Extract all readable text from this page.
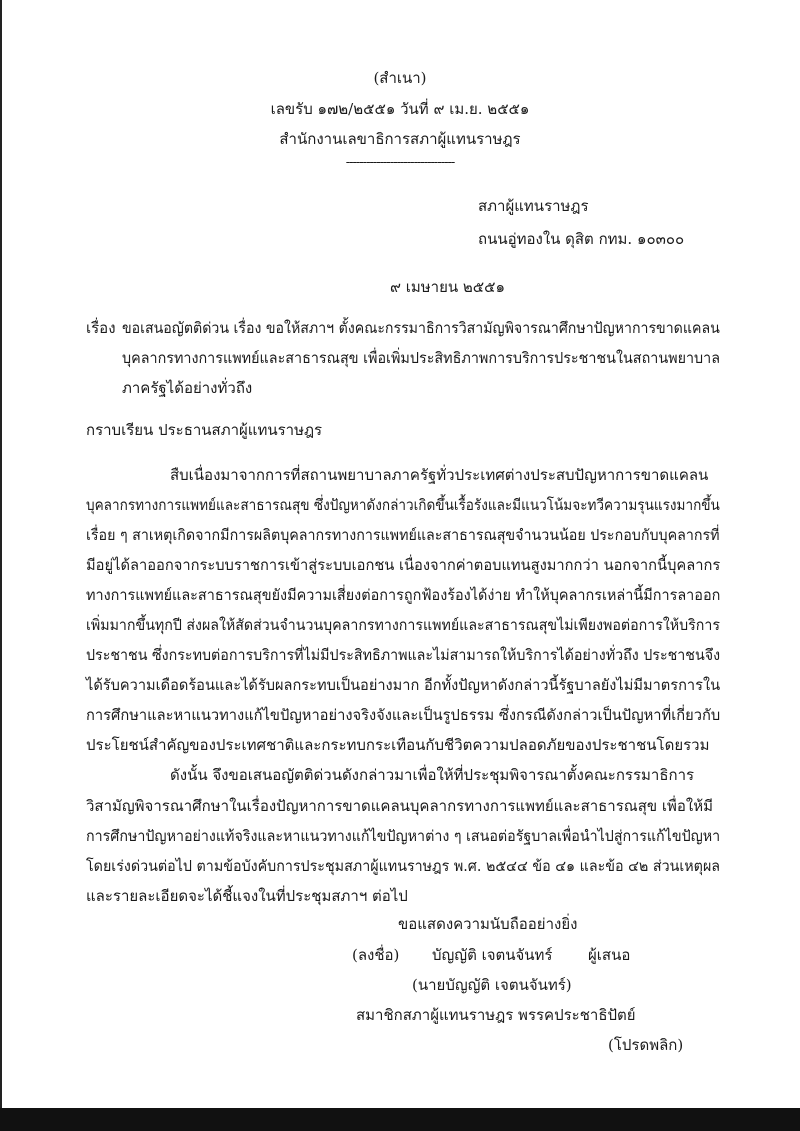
(สำเนา)
เลขรับ ๑๗๒/๒๕๕๑ วันที่ ๙ เม.ย. ๒๕๕๑
สำนักงานเลขาธิการสภาผู้แทนราษฎร
--------------------------------
สภาผู้แทนราษฎร
ถนนอู่ทองใน ดุสิต กทม. ๑๐๓๐๐
๙ เมษายน ๒๕๕๑
เรื่อง ขอเสนอญัตติด่วน เรื่อง ขอให้สภาฯ ตั้งคณะกรรมาธิการวิสามัญพิจารณาศึกษาปัญหาการขาดแคลน
บุคลากรทางการแพทย์และสาธารณสุข เพื่อเพิ่มประสิทธิภาพการบริการประชาชนในสถานพยาบาล
ภาครัฐได้อย่างทั่วถึง
กราบเรียน ประธานสภาผู้แทนราษฎร
สืบเนื่องมาจากการที่สถานพยาบาลภาครัฐทั่วประเทศต่างประสบปัญหาการขาดแคลน
บุคลากรทางการแพทย์และสาธารณสุข ซึ่งปัญหาดังกล่าวเกิดขึ้นเรื้อรังและมีแนวโน้มจะทวีความรุนแรงมากขึ้น
เรื่อย ๆ สาเหตุเกิดจากมีการผลิตบุคลากรทางการแพทย์และสาธารณสุขจำนวนน้อย ประกอบกับบุคลากรที่
มีอยู่ได้ลาออกจากระบบราชการเข้าสู่ระบบเอกชน เนื่องจากค่าตอบแทนสูงมากกว่า นอกจากนี้บุคลากร
ทางการแพทย์และสาธารณสุขยังมีความเสี่ยงต่อการถูกฟ้องร้องได้ง่าย ทำให้บุคลากรเหล่านี้มีการลาออก
เพิ่มมากขึ้นทุกปี ส่งผลให้สัดส่วนจำนวนบุคลากรทางการแพทย์และสาธารณสุขไม่เพียงพอต่อการให้บริการ
ประชาชน ซึ่งกระทบต่อการบริการที่ไม่มีประสิทธิภาพและไม่สามารถให้บริการได้อย่างทั่วถึง ประชาชนจึง
ได้รับความเดือดร้อนและได้รับผลกระทบเป็นอย่างมาก อีกทั้งปัญหาดังกล่าวนี้รัฐบาลยังไม่มีมาตรการใน
การศึกษาและหาแนวทางแก้ไขปัญหาอย่างจริงจังและเป็นรูปธรรม ซึ่งกรณีดังกล่าวเป็นปัญหาที่เกี่ยวกับ
ประโยชน์สำคัญของประเทศชาติและกระทบกระเทือนกับชีวิตความปลอดภัยของประชาชนโดยรวม
ดังนั้น จึงขอเสนอญัตติด่วนดังกล่าวมาเพื่อให้ที่ประชุมพิจารณาตั้งคณะกรรมาธิการ
วิสามัญพิจารณาศึกษาในเรื่องปัญหาการขาดแคลนบุคลากรทางการแพทย์และสาธารณสุข เพื่อให้มี
การศึกษาปัญหาอย่างแท้จริงและหาแนวทางแก้ไขปัญหาต่าง ๆ เสนอต่อรัฐบาลเพื่อนำไปสู่การแก้ไขปัญหา
โดยเร่งด่วนต่อไป ตามข้อบังคับการประชุมสภาผู้แทนราษฎร พ.ศ. ๒๕๔๔ ข้อ ๔๑ และข้อ ๔๒ ส่วนเหตุผล
และรายละเอียดจะได้ชี้แจงในที่ประชุมสภาฯ ต่อไป
ขอแสดงความนับถืออย่างยิ่ง
(ลงชื่อ) บัญญัติ เจตนจันทร์ ผู้เสนอ
(นายบัญญัติ เจตนจันทร์)
สมาชิกสภาผู้แทนราษฎร พรรคประชาธิปัตย์
(โปรดพลิก)
